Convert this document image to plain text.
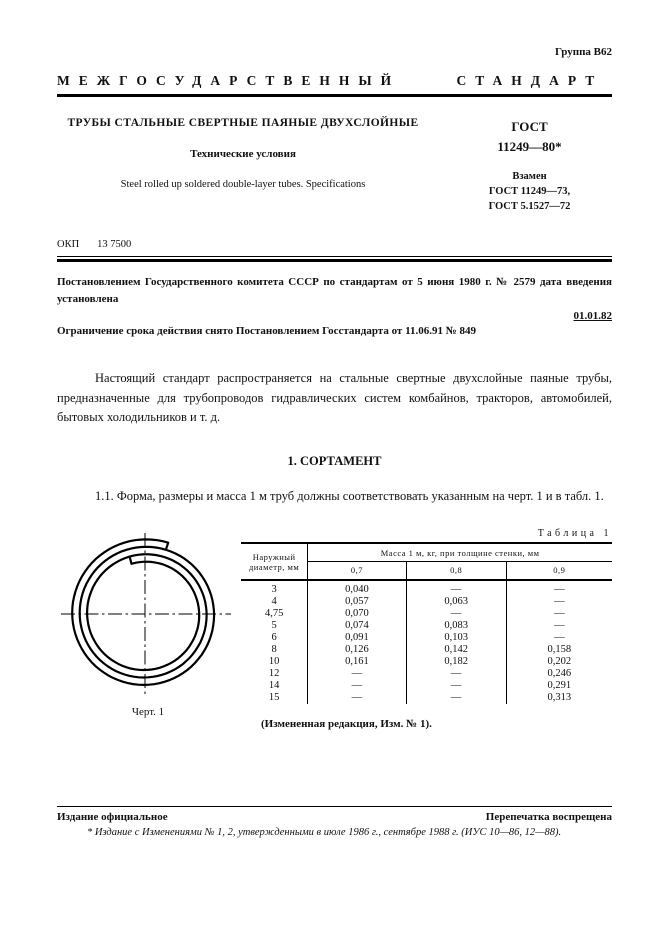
Группа В62
МЕЖГОСУДАРСТВЕННЫЙ СТАНДАРТ
ТРУБЫ СТАЛЬНЫЕ СВЕРТНЫЕ ПАЯНЫЕ ДВУХСЛОЙНЫЕ
Технические условия
Steel rolled up soldered double-layer tubes. Specifications
ГОСТ
11249—80*
Взамен
ГОСТ 11249—73,
ГОСТ 5.1527—72
ОКП 13 7500

Постановлением Государственного комитета СССР по стандартам от 5 июня 1980 г. № 2579 дата введения установлена

01.01.82

Ограничение срока действия снято Постановлением Госстандарта от 11.06.91 № 849

Настоящий стандарт распространяется на стальные свертные двухслойные паяные трубы, предназначенные для трубопроводов гидравлических систем комбайнов, тракторов, автомобилей, бытовых холодильников и т. д.

1. СОРТАМЕНТ

1.1. Форма, размеры и масса 1 м труб должны соответствовать указанным на черт. 1 и в табл. 1.

Черт. 1
Таблица 1
Наружный диаметр, мм	Масса 1 м, кг, при толщине стенки, мм		
	0,7	0,8	0,9
3	0,040	—	—
4	0,057	0,063	—
4,75	0,070	—	—
5	0,074	0,083	—
6	0,091	0,103	—
8	0,126	0,142	0,158
10	0,161	0,182	0,202
12	—	—	0,246
14	—	—	0,291
15	—	—	0,313

(Измененная редакция, Изм. № 1).

Издание официальное	Перепечатка воспрещена
* Издание с Изменениями № 1, 2, утвержденными в июле 1986 г., сентябре 1988 г. (ИУС 10—86, 12—88).
